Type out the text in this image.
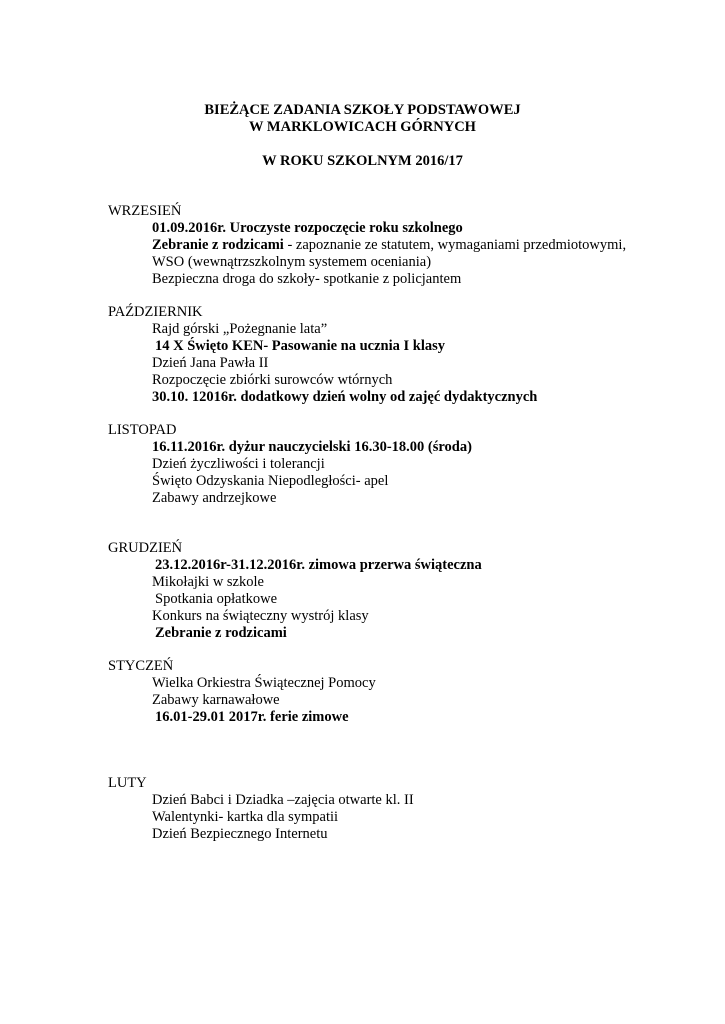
BIEŻĄCE ZADANIA SZKOŁY PODSTAWOWEJ
W MARKLOWICACH GÓRNYCH
W ROKU SZKOLNYM 2016/17
WRZESIEŃ
01.09.2016r. Uroczyste rozpoczęcie roku szkolnego
Zebranie z rodzicami - zapoznanie ze statutem, wymaganiami przedmiotowymi,
WSO (wewnątrzszkolnym systemem oceniania)
Bezpieczna droga do szkoły- spotkanie z policjantem
PAŹDZIERNIK
Rajd górski „Pożegnanie lata”
14 X Święto KEN- Pasowanie na ucznia I klasy
Dzień Jana Pawła II
Rozpoczęcie zbiórki surowców wtórnych
30.10. 12016r. dodatkowy dzień wolny od zajęć dydaktycznych
LISTOPAD
16.11.2016r. dyżur nauczycielski 16.30-18.00 (środa)
Dzień życzliwości i tolerancji
Święto Odzyskania Niepodległości- apel
Zabawy andrzejkowe
GRUDZIEŃ
23.12.2016r-31.12.2016r. zimowa przerwa świąteczna
Mikołajki w szkole
Spotkania opłatkowe
Konkurs na świąteczny wystrój klasy
Zebranie z rodzicami
STYCZEŃ
Wielka Orkiestra Świątecznej Pomocy
Zabawy karnawałowe
16.01-29.01 2017r. ferie zimowe
LUTY
Dzień Babci i Dziadka –zajęcia otwarte kl. II
Walentynki- kartka dla sympatii
Dzień Bezpiecznego Internetu
